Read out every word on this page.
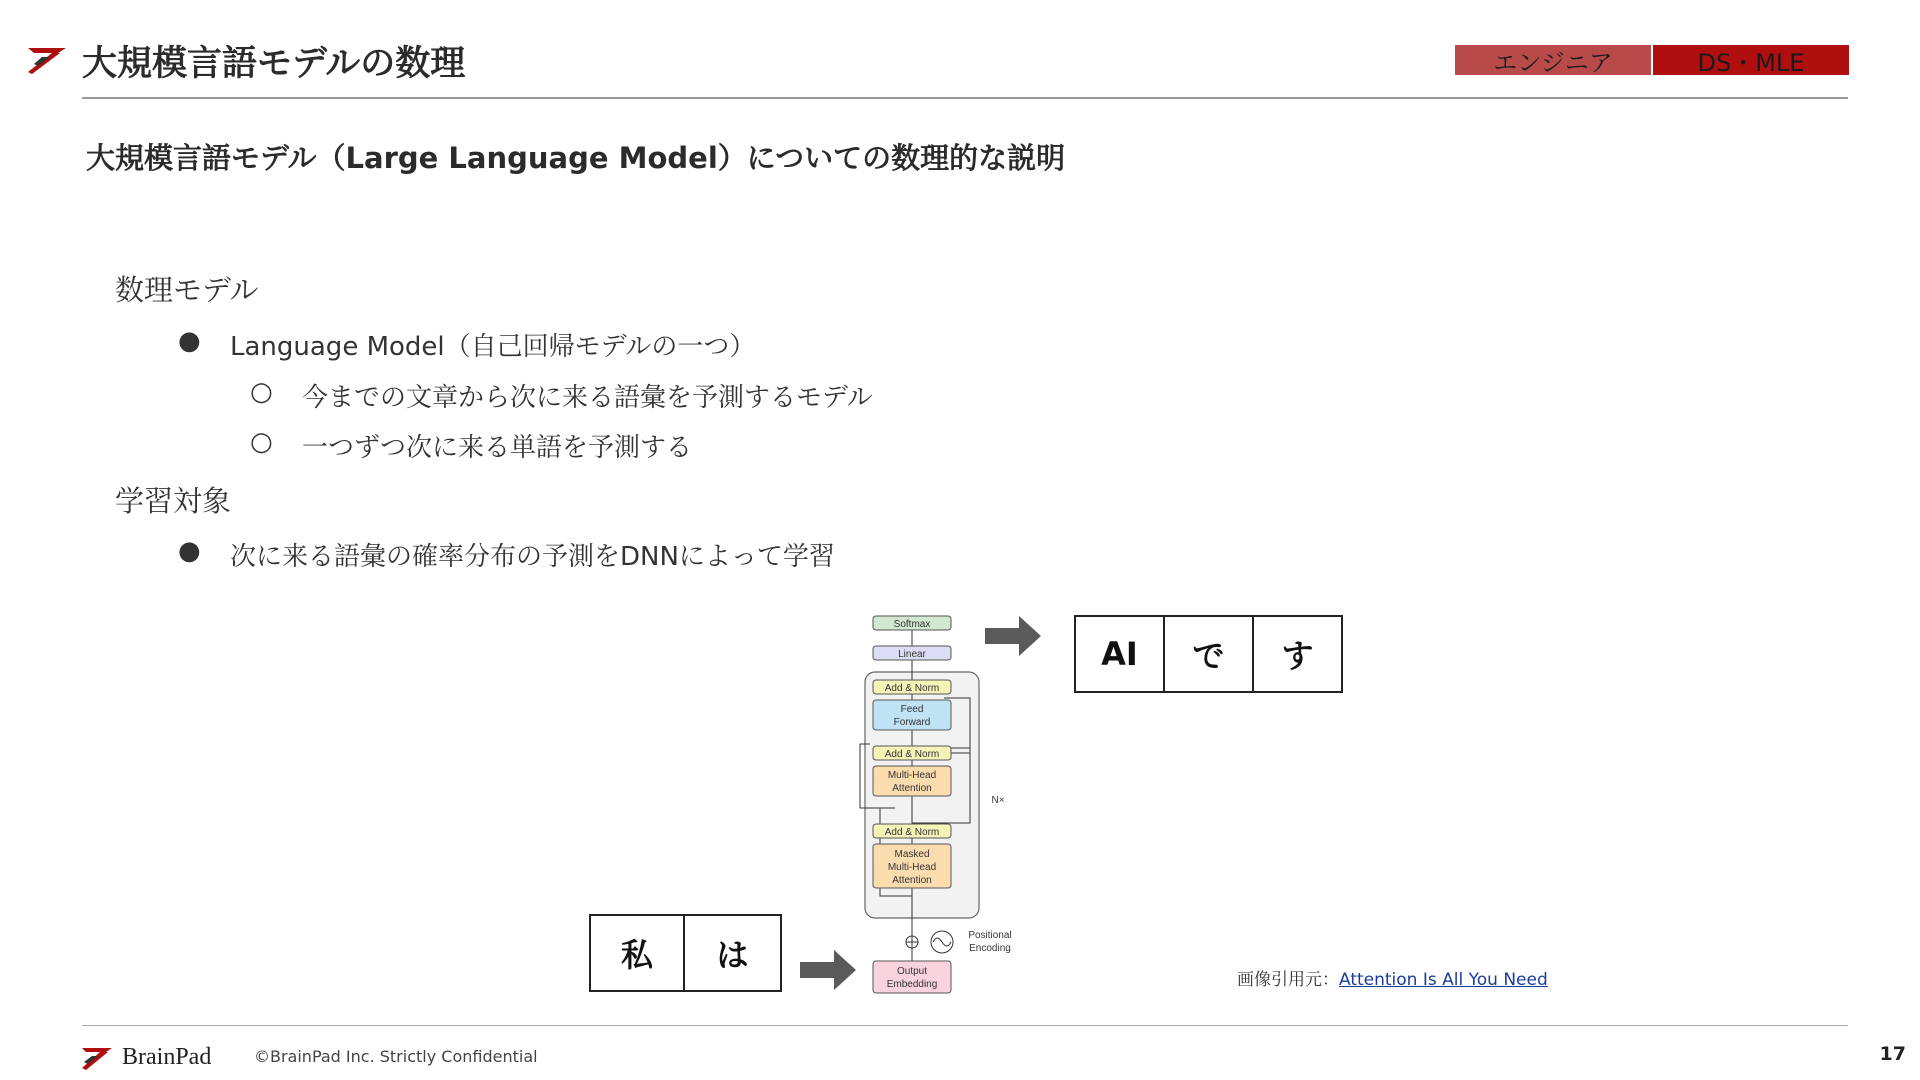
大規模言語モデルの数理	エンジニア	DS・MLE
大規模言語モデル（Large Language Model）についての数理的な説明
数理モデル
● Language Model（自己回帰モデルの一つ）
○ 今までの文章から次に来る語彙を予測するモデル
○ 一つずつ次に来る単語を予測する
学習対象
● 次に来る語彙の確率分布の予測をDNNによって学習
AI	で	す
私	は
Softmax
Linear
Add & Norm
Feed
Forward
Add & Norm
Multi-Head
Attention
Add & Norm
Masked
Multi-Head
Attention
N×
Positional
Encoding
Output
Embedding	画像引用元：Attention Is All You Need
BrainPad	©BrainPad Inc. Strictly Confidential	17
